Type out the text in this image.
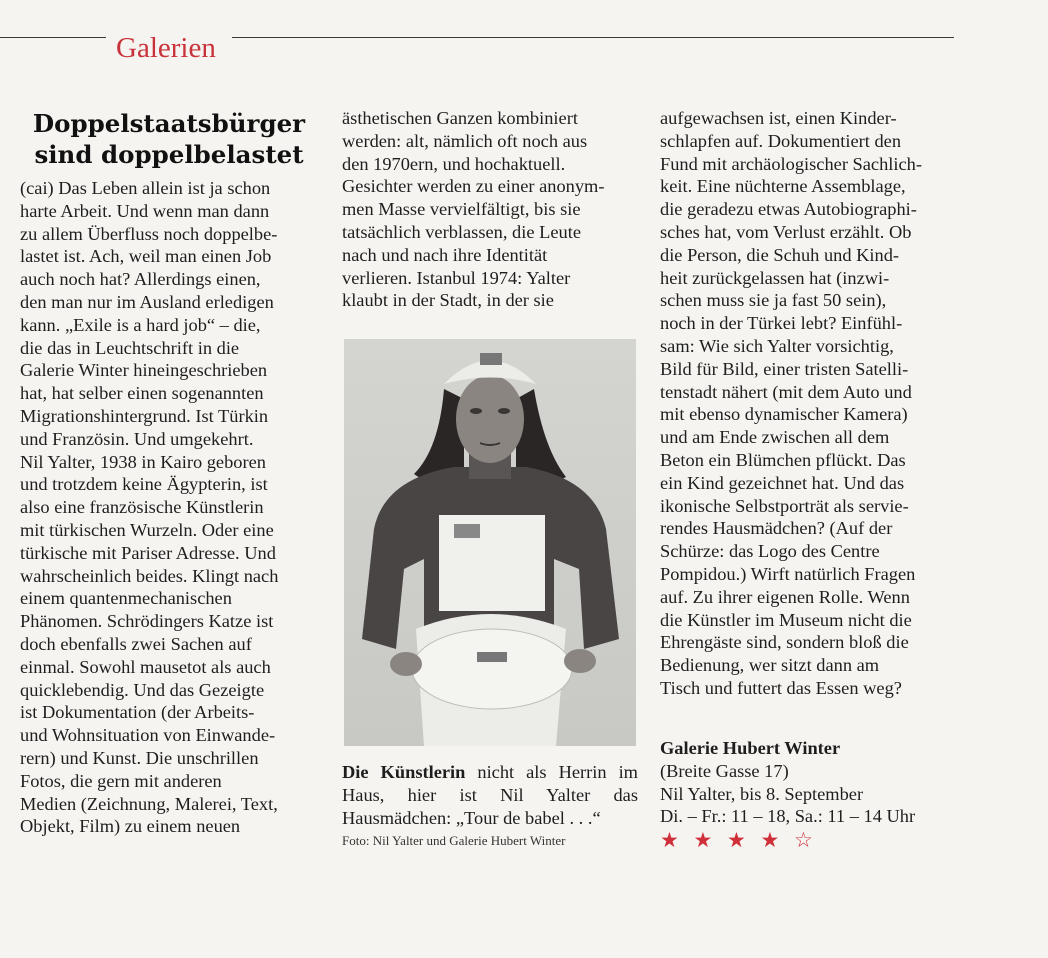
Galerien
Doppelstaatsbürger sind doppelbelastet

(cai) Das Leben allein ist ja schon

harte Arbeit. Und wenn man dann

zu allem Überfluss noch doppelbe-

lastet ist. Ach, weil man einen Job

auch noch hat? Allerdings einen,

den man nur im Ausland erledigen

kann. „Exile is a hard job“ – die,

die das in Leuchtschrift in die

Galerie Winter hineingeschrieben

hat, hat selber einen sogenannten

Migrationshintergrund. Ist Türkin

und Französin. Und umgekehrt.

Nil Yalter, 1938 in Kairo geboren

und trotzdem keine Ägypterin, ist

also eine französische Künstlerin

mit türkischen Wurzeln. Oder eine

türkische mit Pariser Adresse. Und

wahrscheinlich beides. Klingt nach

einem quantenmechanischen

Phänomen. Schrödingers Katze ist

doch ebenfalls zwei Sachen auf

einmal. Sowohl mausetot als auch

quicklebendig. Und das Gezeigte

ist Dokumentation (der Arbeits-

und Wohnsituation von Einwande-

rern) und Kunst. Die unschrillen

Fotos, die gern mit anderen

Medien (Zeichnung, Malerei, Text,

Objekt, Film) zu einem neuen

ästhetischen Ganzen kombiniert

werden: alt, nämlich oft noch aus

den 1970ern, und hochaktuell.

Gesichter werden zu einer anonym-

men Masse vervielfältigt, bis sie

tatsächlich verblassen, die Leute

nach und nach ihre Identität

verlieren. Istanbul 1974: Yalter

klaubt in der Stadt, in der sie

Die Künstlerin nicht als Herrin im Haus, hier ist Nil Yalter das Hausmädchen: „Tour de babel . . .“
Foto: Nil Yalter und Galerie Hubert Winter

aufgewachsen ist, einen Kinder-

schlapfen auf. Dokumentiert den

Fund mit archäologischer Sachlich-

keit. Eine nüchterne Assemblage,

die geradezu etwas Autobiographi-

sches hat, vom Verlust erzählt. Ob

die Person, die Schuh und Kind-

heit zurückgelassen hat (inzwi-

schen muss sie ja fast 50 sein),

noch in der Türkei lebt? Einfühl-

sam: Wie sich Yalter vorsichtig,

Bild für Bild, einer tristen Satelli-

tenstadt nähert (mit dem Auto und

mit ebenso dynamischer Kamera)

und am Ende zwischen all dem

Beton ein Blümchen pflückt. Das

ein Kind gezeichnet hat. Und das

ikonische Selbstporträt als servie-

rendes Hausmädchen? (Auf der

Schürze: das Logo des Centre

Pompidou.) Wirft natürlich Fragen

auf. Zu ihrer eigenen Rolle. Wenn

die Künstler im Museum nicht die

Ehrengäste sind, sondern bloß die

Bedienung, wer sitzt dann am

Tisch und futtert das Essen weg?

Galerie Hubert Winter
(Breite Gasse 17)
Nil Yalter, bis 8. September
Di. – Fr.: 11 – 18, Sa.: 11 – 14 Uhr
★ ★ ★ ★ ☆
